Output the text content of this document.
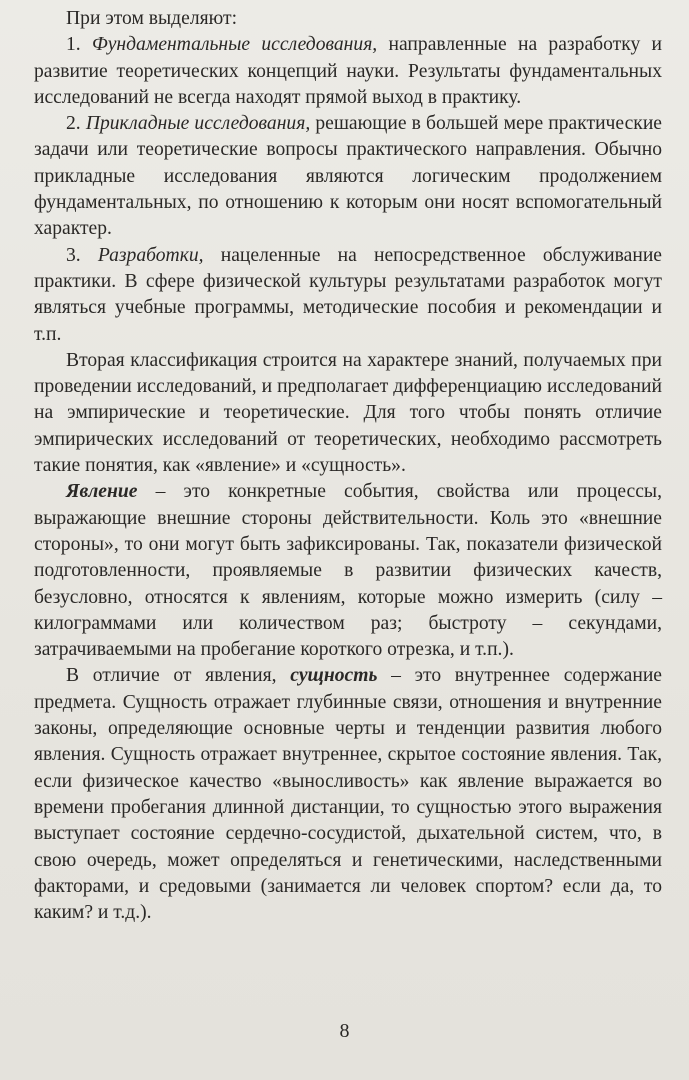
При этом выделяют:

1. Фундаментальные исследования, направленные на разработку и развитие теоретических концепций науки. Результаты фундаментальных исследований не всегда находят прямой выход в практику.

2. Прикладные исследования, решающие в большей мере практические задачи или теоретические вопросы практического направления. Обычно прикладные исследования являются логическим продолжением фундаментальных, по отношению к которым они носят вспомогательный характер.

3. Разработки, нацеленные на непосредственное обслуживание практики. В сфере физической культуры результатами разработок могут являться учебные программы, методические пособия и рекомендации и т.п.

Вторая классификация строится на характере знаний, получаемых при проведении исследований, и предполагает дифференциацию исследований на эмпирические и теоретические. Для того чтобы понять отличие эмпирических исследований от теоретических, необходимо рассмотреть такие понятия, как «явление» и «сущность».

Явление – это конкретные события, свойства или процессы, выражающие внешние стороны действительности. Коль это «внешние стороны», то они могут быть зафиксированы. Так, показатели физической подготовленности, проявляемые в развитии физических качеств, безусловно, относятся к явлениям, которые можно измерить (силу – килограммами или количеством раз; быстроту – секундами, затрачиваемыми на пробегание короткого отрезка, и т.п.).

В отличие от явления, сущность – это внутреннее содержание предмета. Сущность отражает глубинные связи, отношения и внутренние законы, определяющие основные черты и тенденции развития любого явления. Сущность отражает внутреннее, скрытое состояние явления. Так, если физическое качество «выносливость» как явление выражается во времени пробегания длинной дистанции, то сущностью этого выражения выступает состояние сердечно-сосудистой, дыхательной систем, что, в свою очередь, может определяться и генетическими, наследственными факторами, и средовыми (занимается ли человек спортом? если да, то каким? и т.д.).

8
